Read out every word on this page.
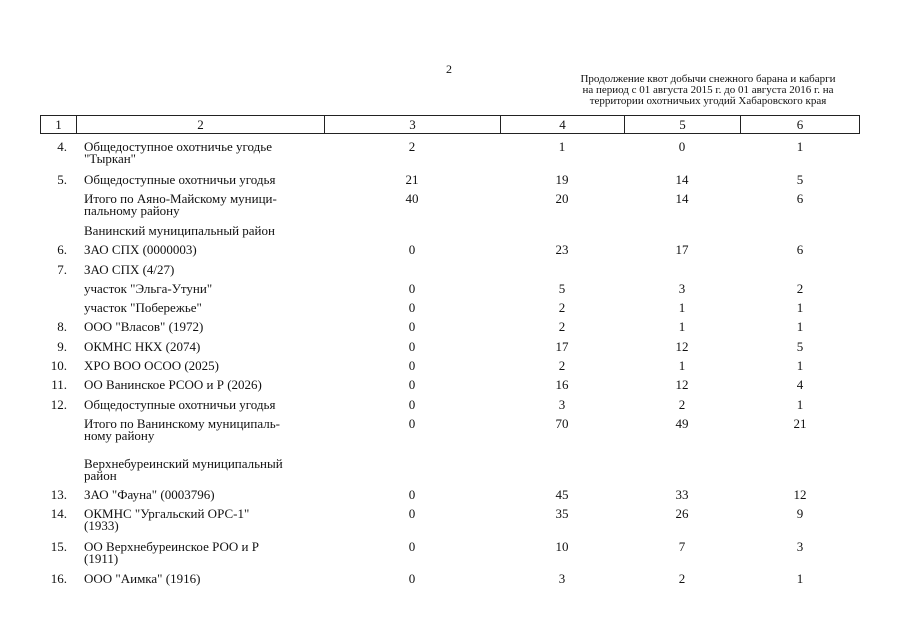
2
Продолжение квот добычи снежного барана и кабарги
на период с 01 августа 2015 г. до 01 августа 2016 г. на
территории охотничьих угодий Хабаровского края
1	2	3	4	5	6
4. Общедоступное охотничье угодье
"Тыркан"
2	1	0	1
5. Общедоступные охотничьи угодья	21	19	14	5
Итого по Аяно-Майскому муници-
пальному району
40	20	14	6
Ванинский муниципальный район
6. ЗАО СПХ (0000003)	0	23	17	6
7. ЗАО СПХ (4/27)
участок "Эльга-Утуни"	0	5	3	2
участок "Побережье"	0	2	1	1
8. ООО "Власов" (1972)	0	2	1	1
9. ОКМНС НКХ (2074)	0	17	12	5
10. ХРО ВОО ОСОО (2025)	0	2	1	1
11. ОО Ванинское РСОО и Р (2026)	0	16	12	4
12. Общедоступные охотничьи угодья	0	3	2	1
Итого по Ванинскому муниципаль-
ному району
0	70	49	21
Верхнебуреинский муниципальный
район
13. ЗАО "Фауна" (0003796)	0	45	33	12
14. ОКМНС "Ургальский ОРС-1"
(1933)
0	35	26	9
15. ОО Верхнебуреинское РОО и Р
(1911)
0	10	7	3
16. ООО "Аимка" (1916)	0	3	2	1
